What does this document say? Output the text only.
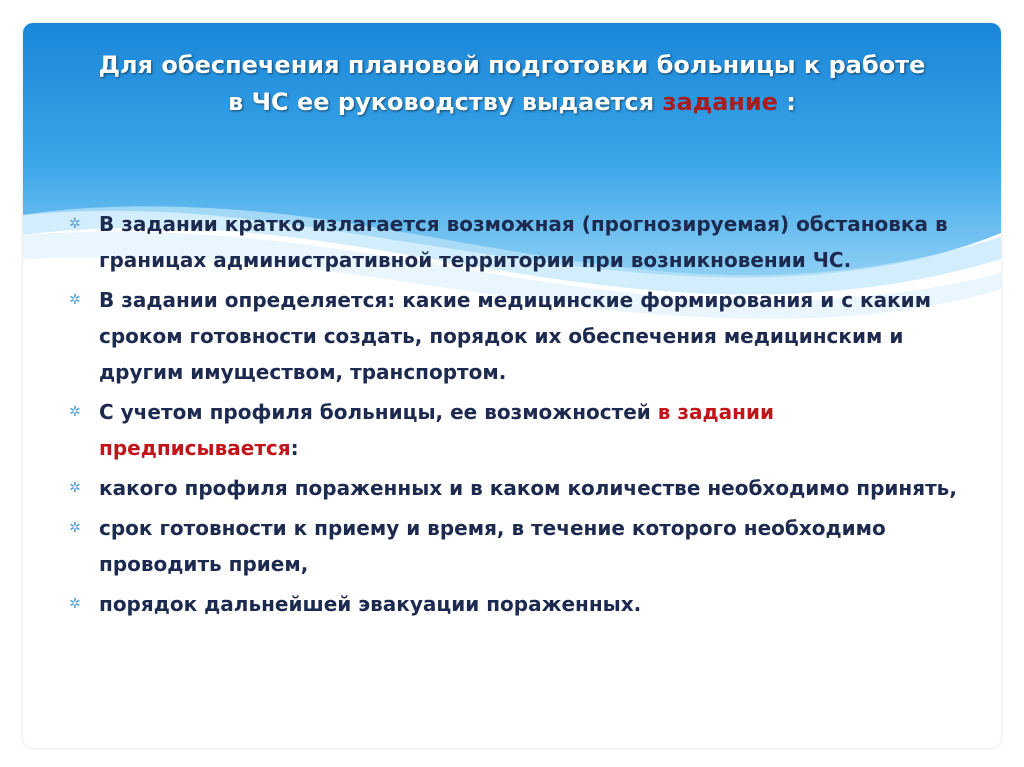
Для обеспечения плановой подготовки больницы к работе
в ЧС ее руководству выдается задание :
✲ В задании кратко излагается возможная (прогнозируемая) обстановка в границах административной территории при возникновении ЧС.
✲ В задании определяется: какие медицинские формирования и с каким сроком готовности создать, порядок их обеспечения медицинским и другим имуществом, транспортом.
✲ С учетом профиля больницы, ее возможностей в задании предписывается:
✲ какого профиля пораженных и в каком количестве необходимо принять,
✲ срок готовности к приему и время, в течение которого необходимо проводить прием,
✲ порядок дальнейшей эвакуации пораженных.
